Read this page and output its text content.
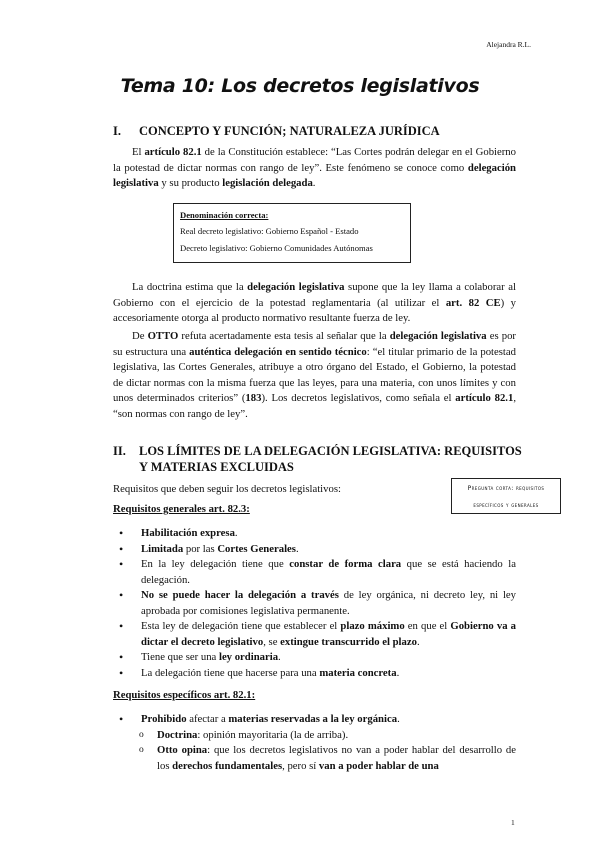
Alejandra R.L.
Tema 10: Los decretos legislativos
I.	CONCEPTO Y FUNCIÓN; NATURALEZA JURÍDICA

El artículo 82.1 de la Constitución establece: “Las Cortes podrán delegar en el Gobierno la potestad de dictar normas con rango de ley”. Este fenómeno se conoce como delegación legislativa y su producto legislación delegada.

Denominación correcta:
Real decreto legislativo: Gobierno Español - Estado
Decreto legislativo: Gobierno Comunidades Autónomas

La doctrina estima que la delegación legislativa supone que la ley llama a colaborar al Gobierno con el ejercicio de la potestad reglamentaria (al utilizar el art. 82 CE) y accesoriamente otorga al producto normativo resultante fuerza de ley.

De OTTO refuta acertadamente esta tesis al señalar que la delegación legislativa es por su estructura una auténtica delegación en sentido técnico: “el titular primario de la potestad legislativa, las Cortes Generales, atribuye a otro órgano del Estado, el Gobierno, la potestad de dictar normas con la misma fuerza que las leyes, para una materia, con unos límites y con unos determinados criterios” (183). Los decretos legislativos, como señala el artículo 82.1, “son normas con rango de ley”.

II.	LOS LÍMITES DE LA DELEGACIÓN LEGISLATIVA: REQUISITOS Y MATERIAS EXCLUIDAS

Requisitos que deben seguir los decretos legislativos:	Pregunta corta: requisitos
específicos y generales
Requisitos generales art. 82.3:
• Habilitación expresa.
• Limitada por las Cortes Generales.
• En la ley delegación tiene que constar de forma clara que se está haciendo la delegación.
• No se puede hacer la delegación a través de ley orgánica, ni decreto ley, ni ley aprobada por comisiones legislativa permanente.
• Esta ley de delegación tiene que establecer el plazo máximo en que el Gobierno va a dictar el decreto legislativo, se extingue transcurrido el plazo.
• Tiene que ser una ley ordinaria.
• La delegación tiene que hacerse para una materia concreta.
Requisitos específicos art. 82.1:
• Prohibido afectar a materias reservadas a la ley orgánica.
o Doctrina: opinión mayoritaria (la de arriba).
o Otto opina: que los decretos legislativos no van a poder hablar del desarrollo de los derechos fundamentales, pero sí van a poder hablar de una
1
